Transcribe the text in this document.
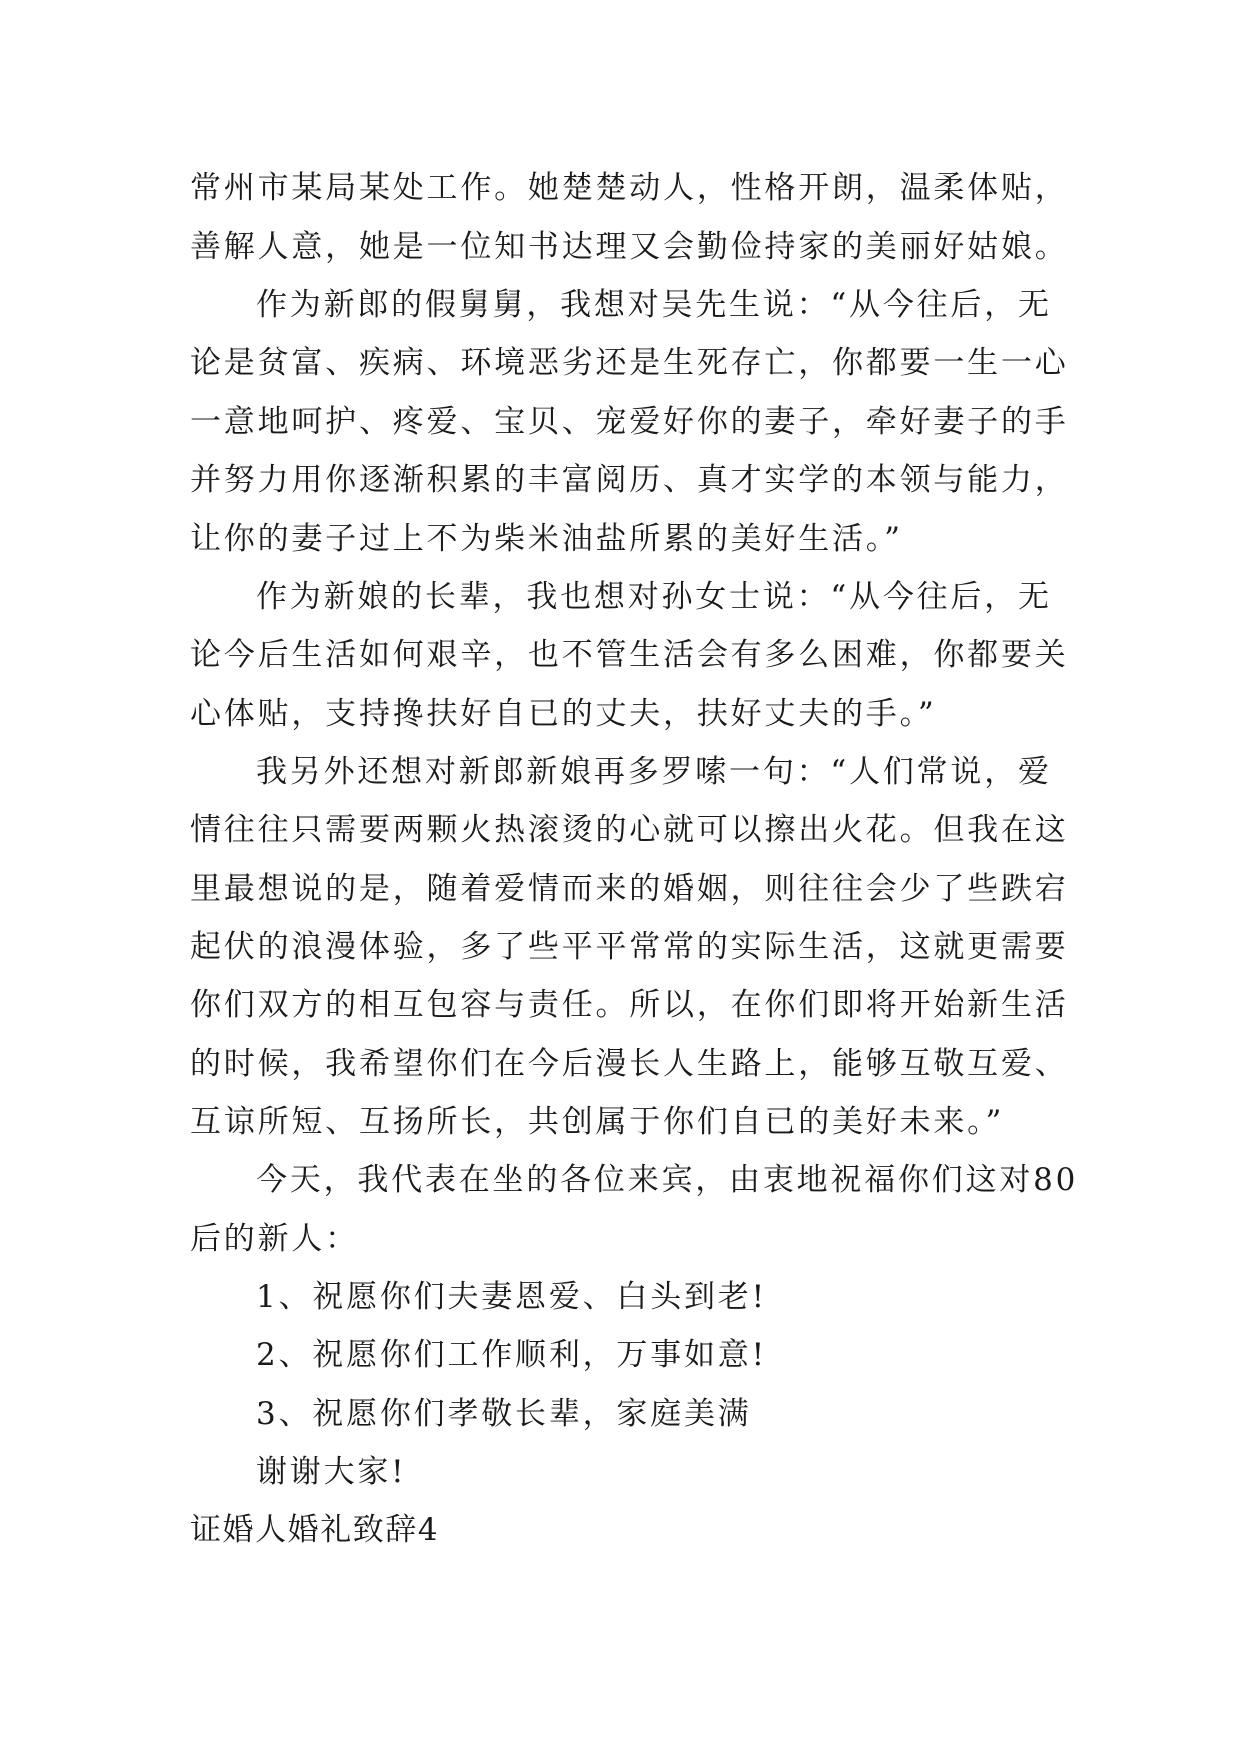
常州市某局某处工作。她楚楚动人，性格开朗，温柔体贴，
善解人意，她是一位知书达理又会勤俭持家的美丽好姑娘。
作为新郎的假舅舅，我想对吴先生说：“从今往后，无
论是贫富、疾病、环境恶劣还是生死存亡，你都要一生一心
一意地呵护、疼爱、宝贝、宠爱好你的妻子，牵好妻子的手
并努力用你逐渐积累的丰富阅历、真才实学的本领与能力，
让你的妻子过上不为柴米油盐所累的美好生活。”
作为新娘的长辈，我也想对孙女士说：“从今往后，无
论今后生活如何艰辛，也不管生活会有多么困难，你都要关
心体贴，支持搀扶好自已的丈夫，扶好丈夫的手。”
我另外还想对新郎新娘再多罗嗦一句：“人们常说，爱
情往往只需要两颗火热滚烫的心就可以擦出火花。但我在这
里最想说的是，随着爱情而来的婚姻，则往往会少了些跌宕
起伏的浪漫体验，多了些平平常常的实际生活，这就更需要
你们双方的相互包容与责任。所以，在你们即将开始新生活
的时候，我希望你们在今后漫长人生路上，能够互敬互爱、
互谅所短、互扬所长，共创属于你们自已的美好未来。”
今天，我代表在坐的各位来宾，由衷地祝福你们这对80
后的新人：
1、祝愿你们夫妻恩爱、白头到老!
2、祝愿你们工作顺利，万事如意!
3、祝愿你们孝敬长辈，家庭美满
谢谢大家!
证婚人婚礼致辞4
